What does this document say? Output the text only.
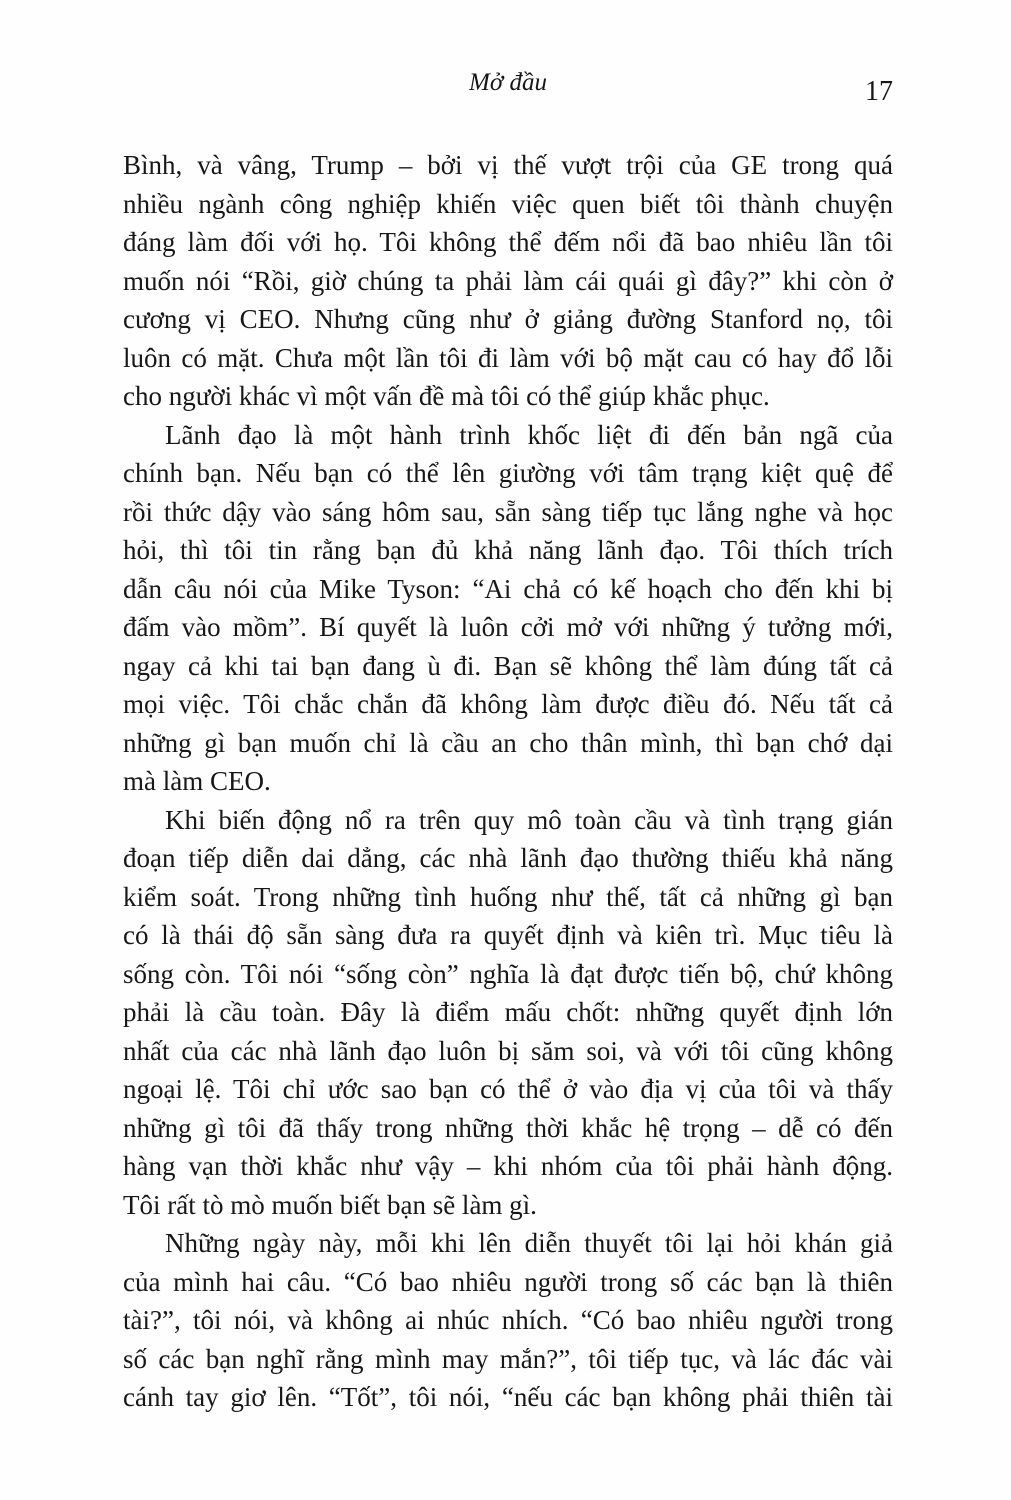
Mở đầu	17
Bình, và vâng, Trump – bởi vị thế vượt trội của GE trong quá
nhiều ngành công nghiệp khiến việc quen biết tôi thành chuyện
đáng làm đối với họ. Tôi không thể đếm nổi đã bao nhiêu lần tôi
muốn nói “Rồi, giờ chúng ta phải làm cái quái gì đây?” khi còn ở
cương vị CEO. Nhưng cũng như ở giảng đường Stanford nọ, tôi
luôn có mặt. Chưa một lần tôi đi làm với bộ mặt cau có hay đổ lỗi
cho người khác vì một vấn đề mà tôi có thể giúp khắc phục.
Lãnh đạo là một hành trình khốc liệt đi đến bản ngã của
chính bạn. Nếu bạn có thể lên giường với tâm trạng kiệt quệ để
rồi thức dậy vào sáng hôm sau, sẵn sàng tiếp tục lắng nghe và học
hỏi, thì tôi tin rằng bạn đủ khả năng lãnh đạo. Tôi thích trích
dẫn câu nói của Mike Tyson: “Ai chả có kế hoạch cho đến khi bị
đấm vào mồm”. Bí quyết là luôn cởi mở với những ý tưởng mới,
ngay cả khi tai bạn đang ù đi. Bạn sẽ không thể làm đúng tất cả
mọi việc. Tôi chắc chắn đã không làm được điều đó. Nếu tất cả
những gì bạn muốn chỉ là cầu an cho thân mình, thì bạn chớ dại
mà làm CEO.
Khi biến động nổ ra trên quy mô toàn cầu và tình trạng gián
đoạn tiếp diễn dai dẳng, các nhà lãnh đạo thường thiếu khả năng
kiểm soát. Trong những tình huống như thế, tất cả những gì bạn
có là thái độ sẵn sàng đưa ra quyết định và kiên trì. Mục tiêu là
sống còn. Tôi nói “sống còn” nghĩa là đạt được tiến bộ, chứ không
phải là cầu toàn. Đây là điểm mấu chốt: những quyết định lớn
nhất của các nhà lãnh đạo luôn bị săm soi, và với tôi cũng không
ngoại lệ. Tôi chỉ ước sao bạn có thể ở vào địa vị của tôi và thấy
những gì tôi đã thấy trong những thời khắc hệ trọng – dễ có đến
hàng vạn thời khắc như vậy – khi nhóm của tôi phải hành động.
Tôi rất tò mò muốn biết bạn sẽ làm gì.
Những ngày này, mỗi khi lên diễn thuyết tôi lại hỏi khán giả
của mình hai câu. “Có bao nhiêu người trong số các bạn là thiên
tài?”, tôi nói, và không ai nhúc nhích. “Có bao nhiêu người trong
số các bạn nghĩ rằng mình may mắn?”, tôi tiếp tục, và lác đác vài
cánh tay giơ lên. “Tốt”, tôi nói, “nếu các bạn không phải thiên tài
